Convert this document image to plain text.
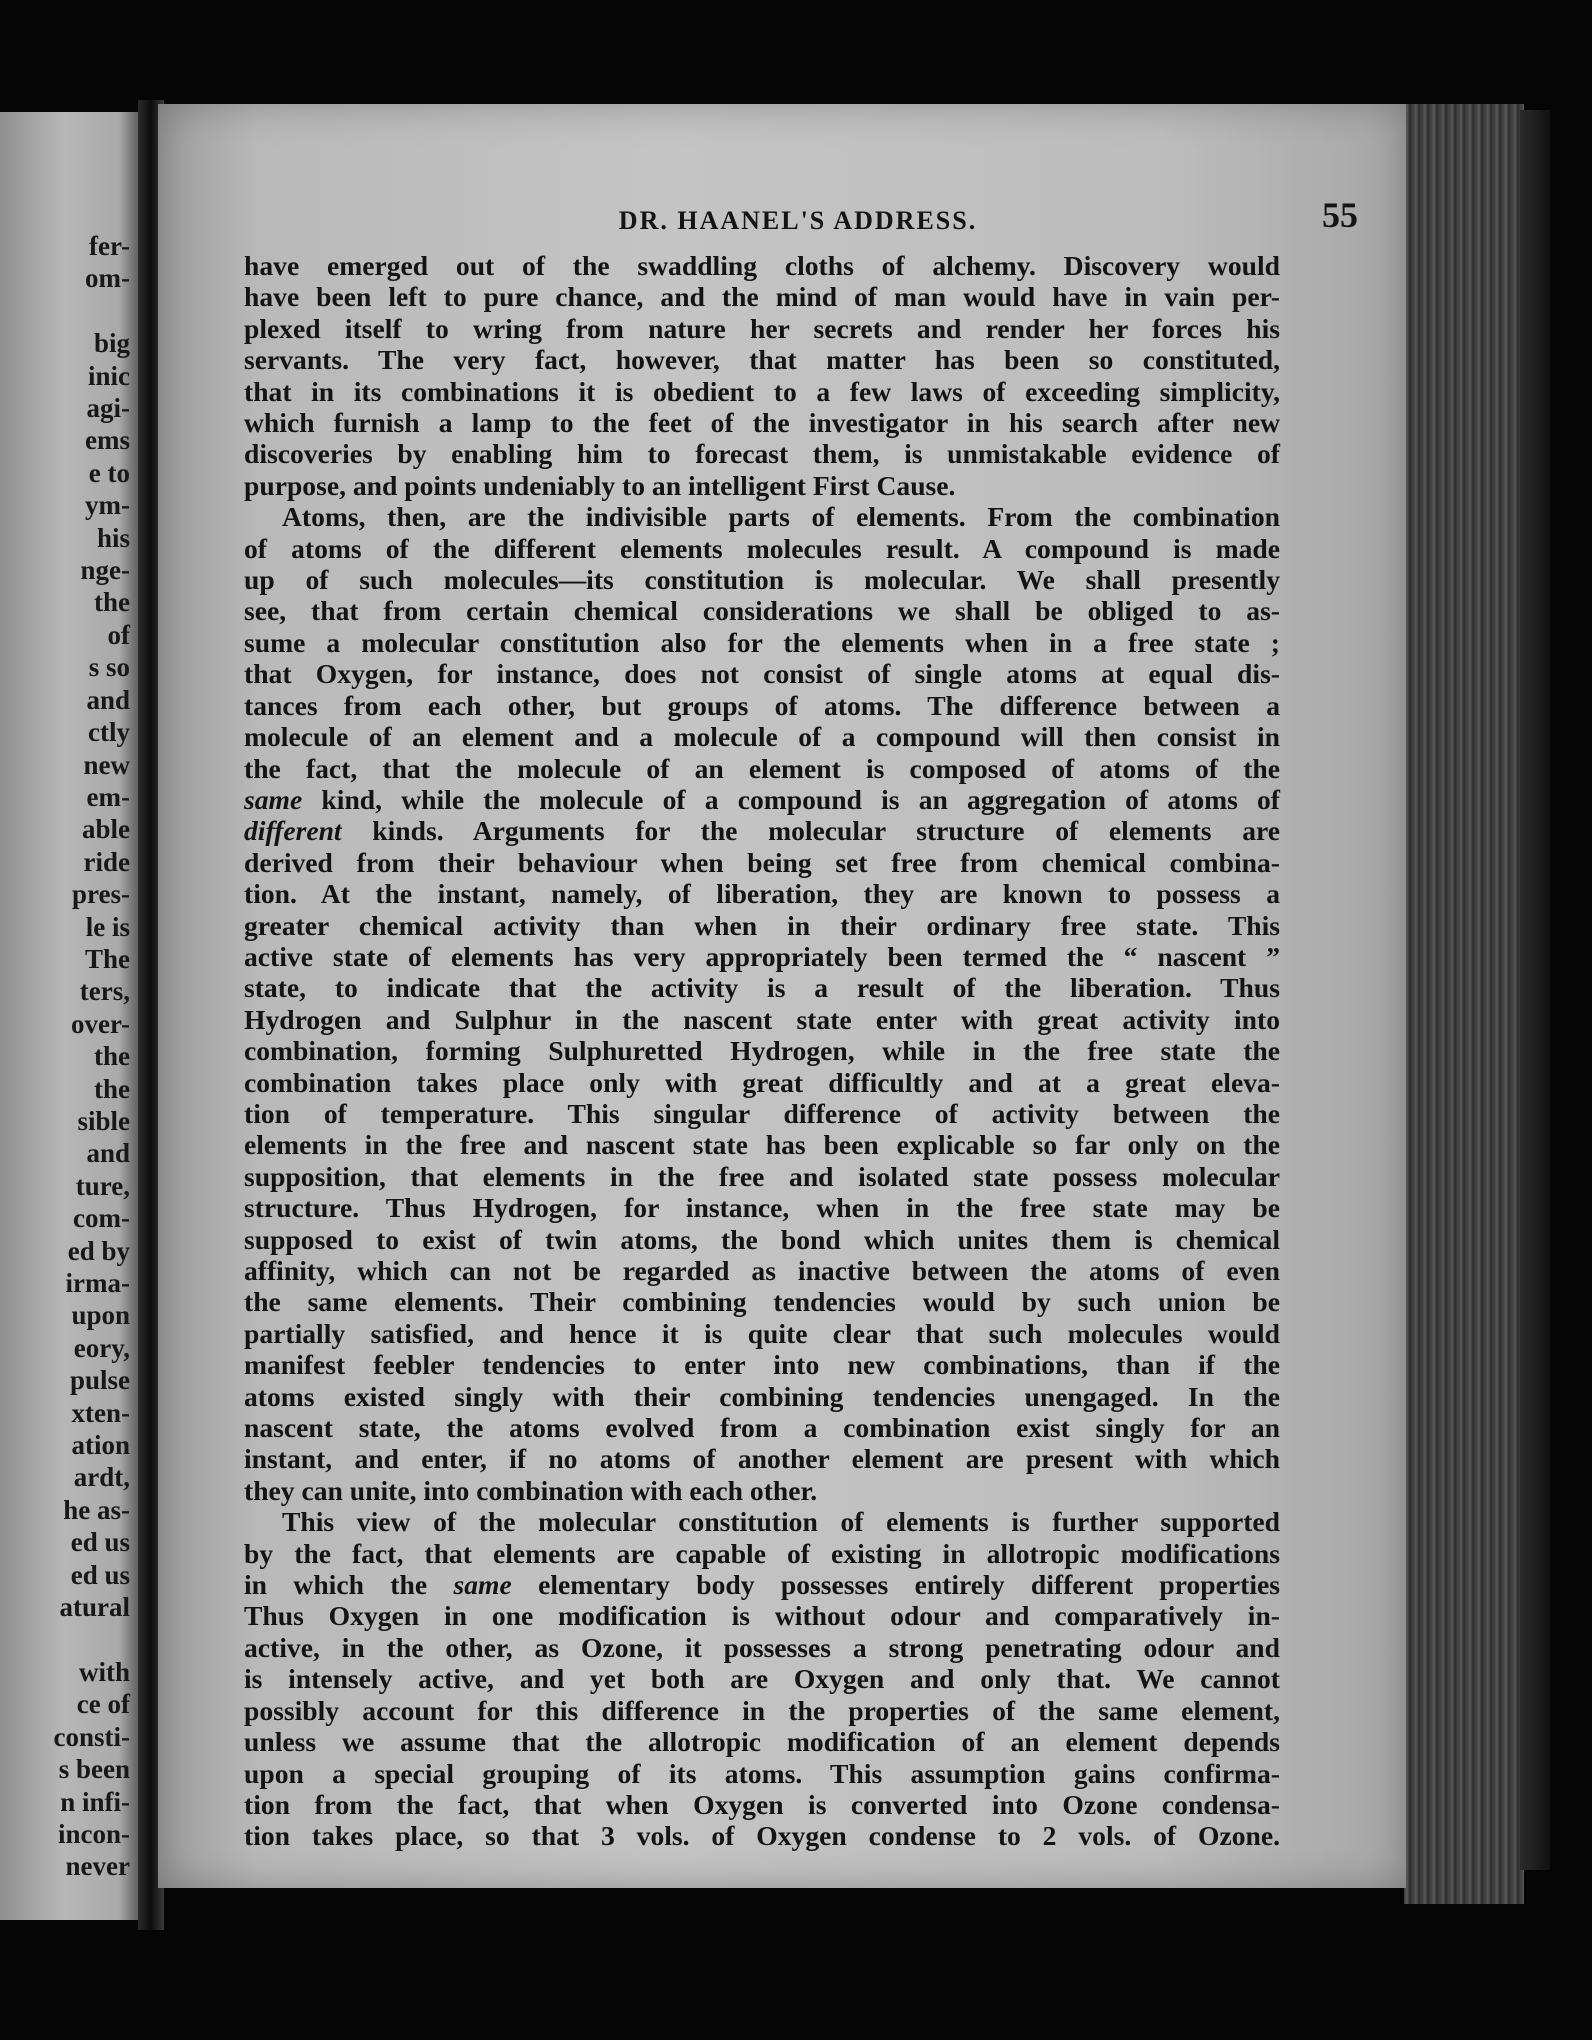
fer-
om-

big
inic
agi-
ems
e to
ym-
his
nge-
the
of
s so
and
ctly
new
em-
able
ride
pres-
le is
The
ters,
over-
the
the
sible
and
ture,
com-
ed by
irma-
upon
eory,
pulse
xten-
ation
ardt,
he as-
ed us
ed us
atural

with
ce of
consti-
s been
n infi-
incon-
never
DR. HAANEL'S ADDRESS.	55
have emerged out of the swaddling cloths of alchemy. Discovery would
have been left to pure chance, and the mind of man would have in vain per-
plexed itself to wring from nature her secrets and render her forces his
servants. The very fact, however, that matter has been so constituted,
that in its combinations it is obedient to a few laws of exceeding simplicity,
which furnish a lamp to the feet of the investigator in his search after new
discoveries by enabling him to forecast them, is unmistakable evidence of
purpose, and points undeniably to an intelligent First Cause.
Atoms, then, are the indivisible parts of elements. From the combination
of atoms of the different elements molecules result. A compound is made
up of such molecules—its constitution is molecular. We shall presently
see, that from certain chemical considerations we shall be obliged to as-
sume a molecular constitution also for the elements when in a free state ;
that Oxygen, for instance, does not consist of single atoms at equal dis-
tances from each other, but groups of atoms. The difference between a
molecule of an element and a molecule of a compound will then consist in
the fact, that the molecule of an element is composed of atoms of the
same kind, while the molecule of a compound is an aggregation of atoms of
different kinds. Arguments for the molecular structure of elements are
derived from their behaviour when being set free from chemical combina-
tion. At the instant, namely, of liberation, they are known to possess a
greater chemical activity than when in their ordinary free state. This
active state of elements has very appropriately been termed the “ nascent ”
state, to indicate that the activity is a result of the liberation. Thus
Hydrogen and Sulphur in the nascent state enter with great activity into
combination, forming Sulphuretted Hydrogen, while in the free state the
combination takes place only with great difficultly and at a great eleva-
tion of temperature. This singular difference of activity between the
elements in the free and nascent state has been explicable so far only on the
supposition, that elements in the free and isolated state possess molecular
structure. Thus Hydrogen, for instance, when in the free state may be
supposed to exist of twin atoms, the bond which unites them is chemical
affinity, which can not be regarded as inactive between the atoms of even
the same elements. Their combining tendencies would by such union be
partially satisfied, and hence it is quite clear that such molecules would
manifest feebler tendencies to enter into new combinations, than if the
atoms existed singly with their combining tendencies unengaged. In the
nascent state, the atoms evolved from a combination exist singly for an
instant, and enter, if no atoms of another element are present with which
they can unite, into combination with each other.
This view of the molecular constitution of elements is further supported
by the fact, that elements are capable of existing in allotropic modifications
in which the same elementary body possesses entirely different properties
Thus Oxygen in one modification is without odour and comparatively in-
active, in the other, as Ozone, it possesses a strong penetrating odour and
is intensely active, and yet both are Oxygen and only that. We cannot
possibly account for this difference in the properties of the same element,
unless we assume that the allotropic modification of an element depends
upon a special grouping of its atoms. This assumption gains confirma-
tion from the fact, that when Oxygen is converted into Ozone condensa-
tion takes place, so that 3 vols. of Oxygen condense to 2 vols. of Ozone.
